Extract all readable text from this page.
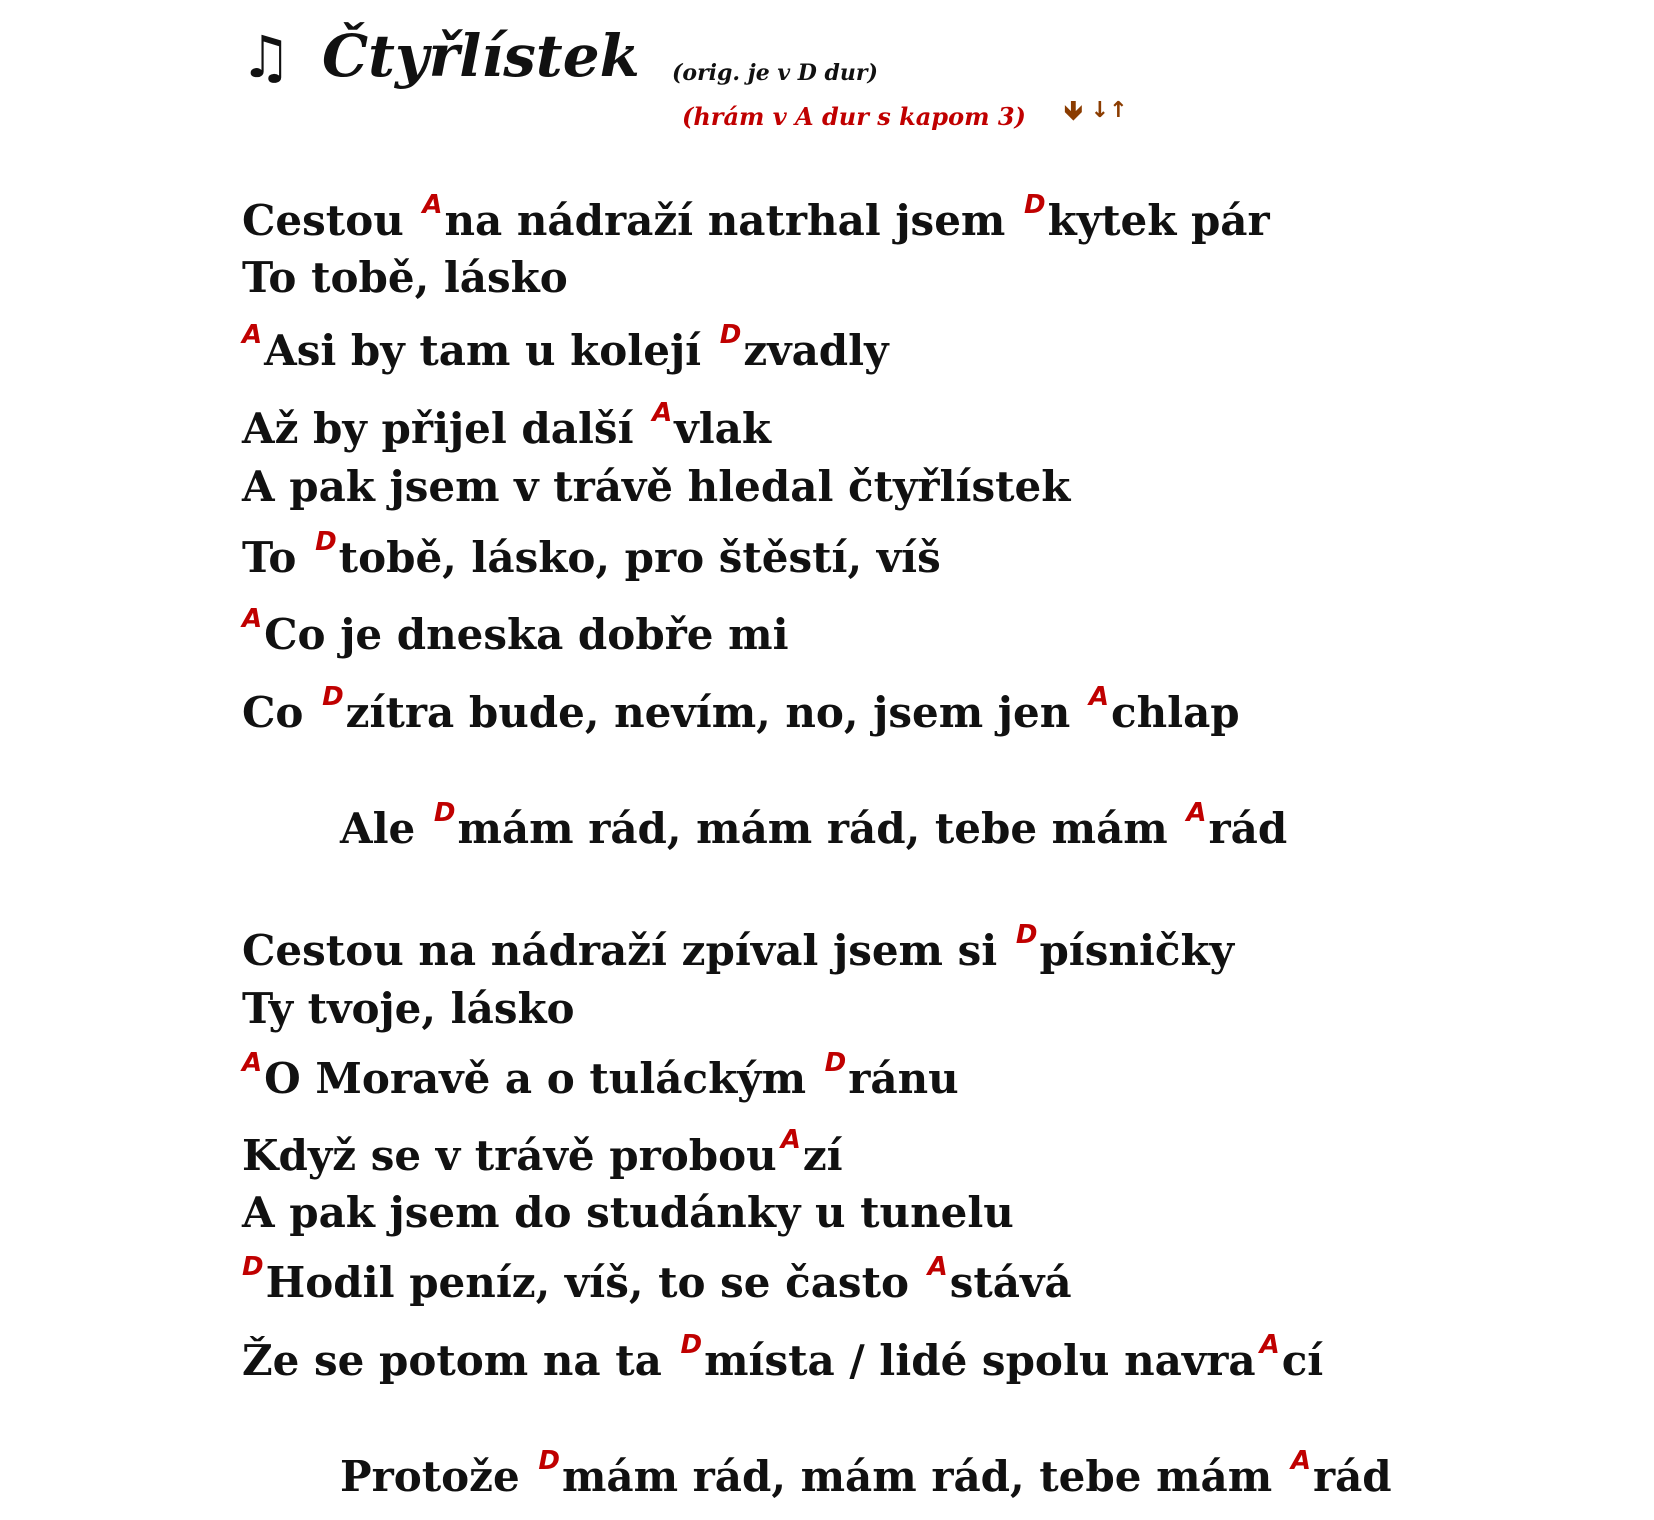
♫ Čtyřlístek (orig. je v D dur)
(hrám v A dur s kapom 3) 🡻 ↓↑
Cestou $^A$na nádraží natrhal jsem $^D$kytek pár
To tobě, lásko
$^A$Asi by tam u kolejí $^D$zvadly
Až by přijel další $^A$vlak
A pak jsem v trávě hledal čtyřlístek
To $^D$tobě, lásko, pro štěstí, víš
$^A$Co je dneska dobře mi
Co $^D$zítra bude, nevím, no, jsem jen $^A$chlap
Ale $^D$mám rád, mám rád, tebe mám $^A$rád
Cestou na nádraží zpíval jsem si $^D$písničky
Ty tvoje, lásko
$^A$O Moravě a o tuláckým $^D$ránu
Když se v trávě probou $^A$zí
A pak jsem do studánky u tunelu
$^D$Hodil peníz, víš, to se často $^A$stává
Že se potom na ta $^D$místa / lidé spolu navra $^A$cí
Protože $^D$mám rád, mám rád, tebe mám $^A$rád
